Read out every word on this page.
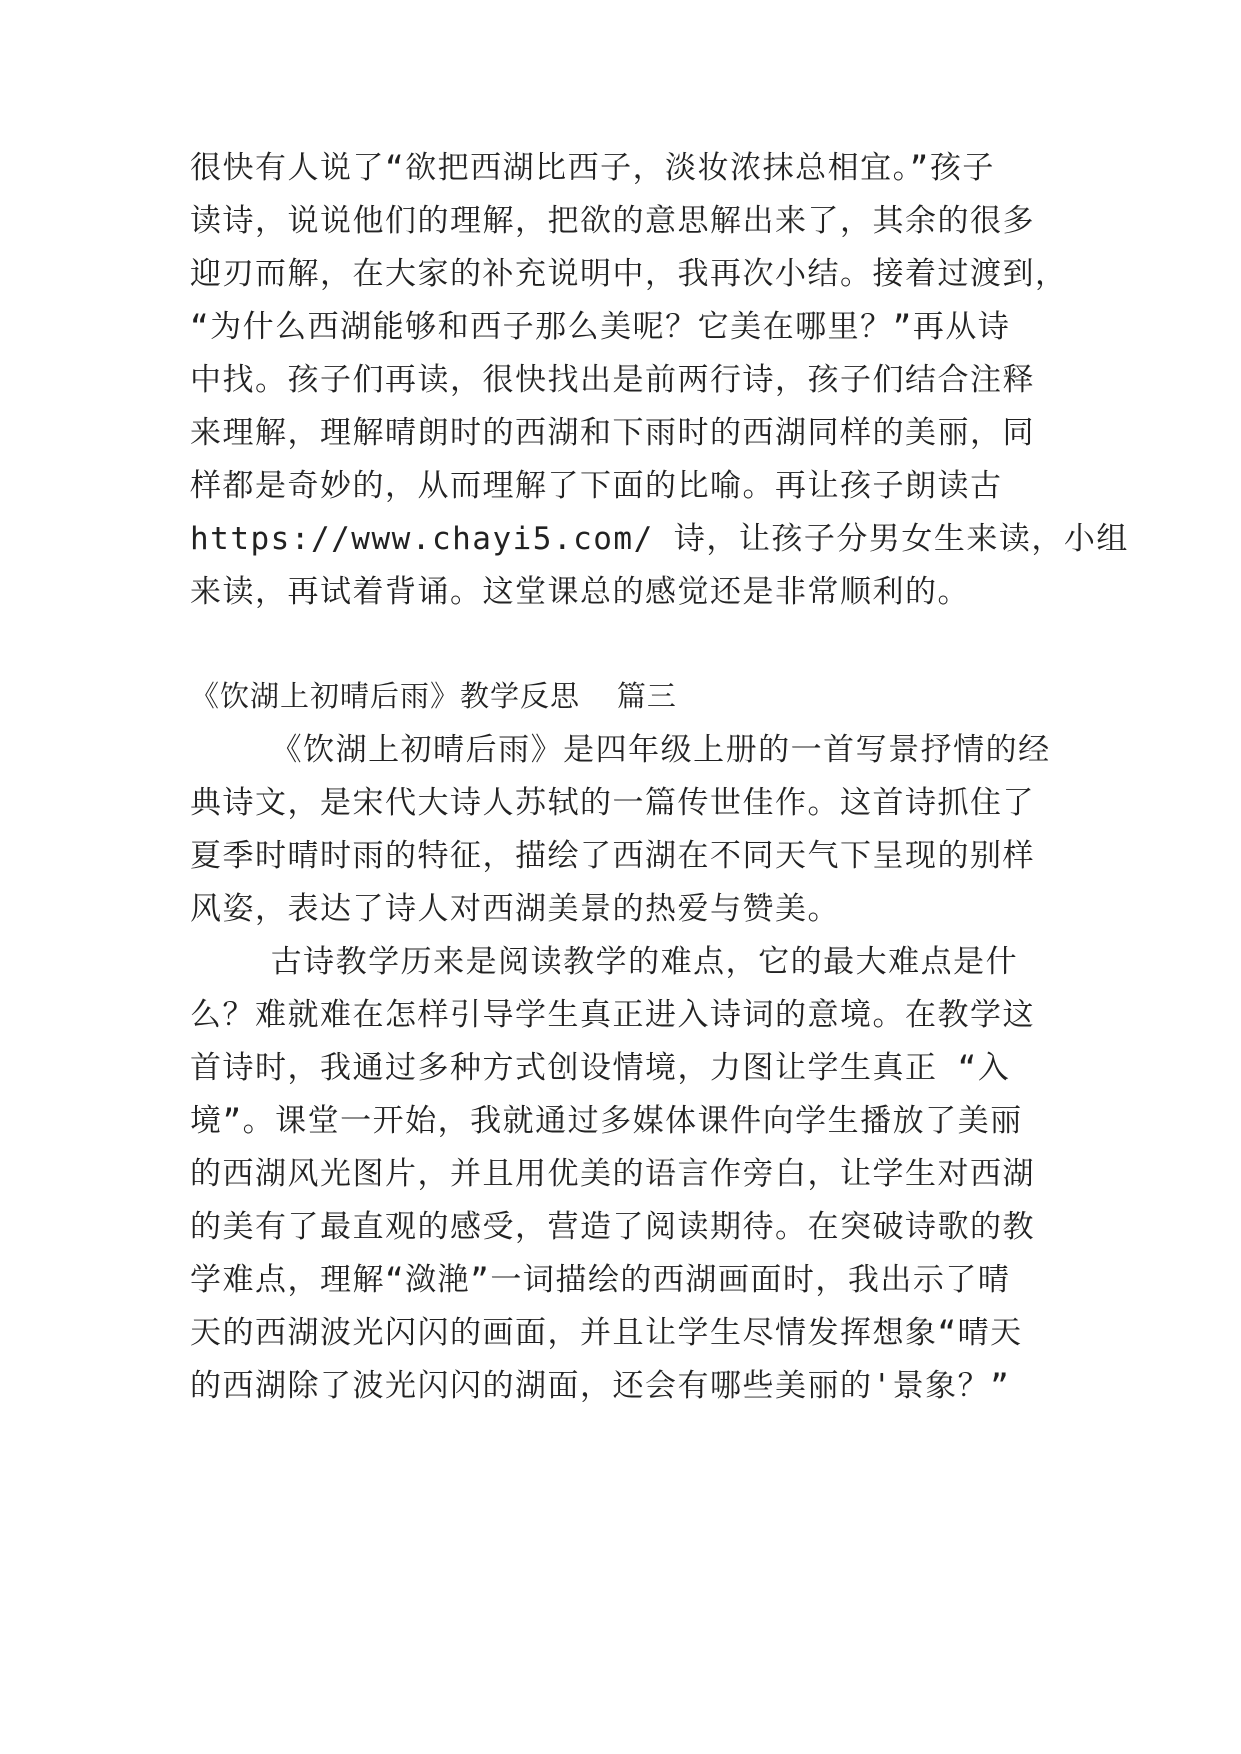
很快有人说了“欲把西湖比西子，淡妆浓抹总相宜。”孩子
读诗，说说他们的理解，把欲的意思解出来了，其余的很多
迎刃而解，在大家的补充说明中，我再次小结。接着过渡到，
“为什么西湖能够和西子那么美呢？它美在哪里？”再从诗
中找。孩子们再读，很快找出是前两行诗，孩子们结合注释
来理解，理解晴朗时的西湖和下雨时的西湖同样的美丽，同
样都是奇妙的，从而理解了下面的比喻。再让孩子朗读古
https://www.chayi5.com/ 诗，让孩子分男女生来读，小组
来读，再试着背诵。这堂课总的感觉还是非常顺利的。
《饮湖上初晴后雨》教学反思  篇三
《饮湖上初晴后雨》是四年级上册的一首写景抒情的经
典诗文，是宋代大诗人苏轼的一篇传世佳作。这首诗抓住了
夏季时晴时雨的特征，描绘了西湖在不同天气下呈现的别样
风姿，表达了诗人对西湖美景的热爱与赞美。
古诗教学历来是阅读教学的难点，它的最大难点是什
么？难就难在怎样引导学生真正进入诗词的意境。在教学这
首诗时，我通过多种方式创设情境，力图让学生真正 “入
境”。课堂一开始，我就通过多媒体课件向学生播放了美丽
的西湖风光图片，并且用优美的语言作旁白，让学生对西湖
的美有了最直观的感受，营造了阅读期待。在突破诗歌的教
学难点，理解“潋滟”一词描绘的西湖画面时，我出示了晴
天的西湖波光闪闪的画面，并且让学生尽情发挥想象“晴天
的西湖除了波光闪闪的湖面，还会有哪些美丽的'景象？”
